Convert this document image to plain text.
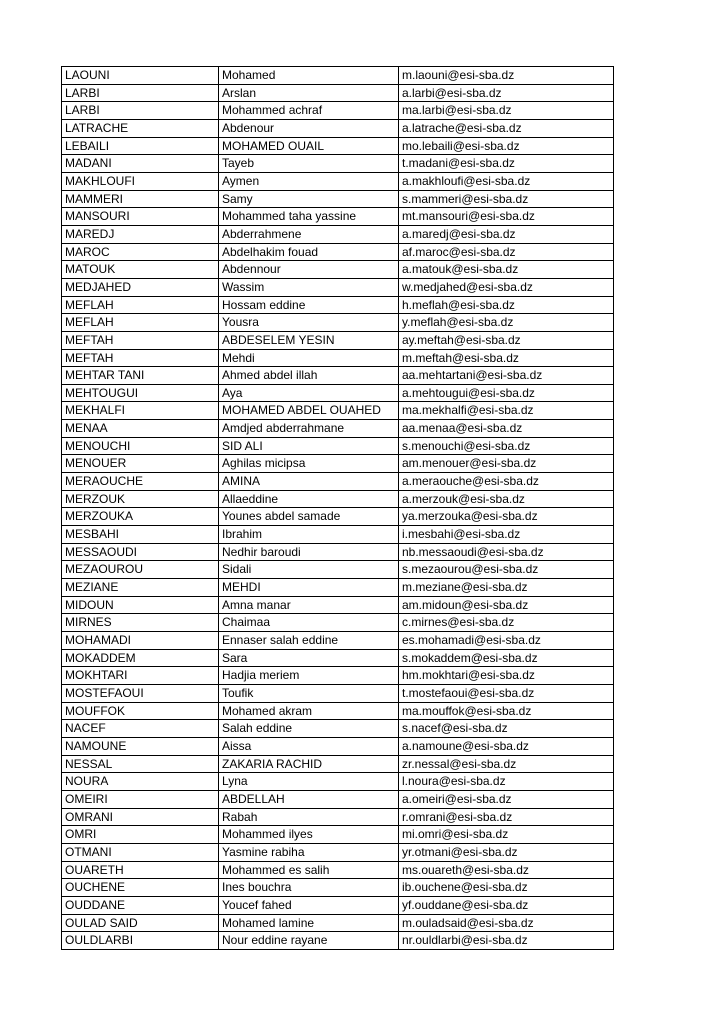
LAOUNI	Mohamed	m.laouni@esi-sba.dz
LARBI	Arslan	a.larbi@esi-sba.dz
LARBI	Mohammed achraf	ma.larbi@esi-sba.dz
LATRACHE	Abdenour	a.latrache@esi-sba.dz
LEBAILI	MOHAMED OUAIL	mo.lebaili@esi-sba.dz
MADANI	Tayeb	t.madani@esi-sba.dz
MAKHLOUFI	Aymen	a.makhloufi@esi-sba.dz
MAMMERI	Samy	s.mammeri@esi-sba.dz
MANSOURI	Mohammed taha yassine	mt.mansouri@esi-sba.dz
MAREDJ	Abderrahmene	a.maredj@esi-sba.dz
MAROC	Abdelhakim fouad	af.maroc@esi-sba.dz
MATOUK	Abdennour	a.matouk@esi-sba.dz
MEDJAHED	Wassim	w.medjahed@esi-sba.dz
MEFLAH	Hossam eddine	h.meflah@esi-sba.dz
MEFLAH	Yousra	y.meflah@esi-sba.dz
MEFTAH	ABDESELEM YESIN	ay.meftah@esi-sba.dz
MEFTAH	Mehdi	m.meftah@esi-sba.dz
MEHTAR TANI	Ahmed abdel illah	aa.mehtartani@esi-sba.dz
MEHTOUGUI	Aya	a.mehtougui@esi-sba.dz
MEKHALFI	MOHAMED ABDEL OUAHED	ma.mekhalfi@esi-sba.dz
MENAA	Amdjed abderrahmane	aa.menaa@esi-sba.dz
MENOUCHI	SID ALI	s.menouchi@esi-sba.dz
MENOUER	Aghilas micipsa	am.menouer@esi-sba.dz
MERAOUCHE	AMINA	a.meraouche@esi-sba.dz
MERZOUK	Allaeddine	a.merzouk@esi-sba.dz
MERZOUKA	Younes abdel samade	ya.merzouka@esi-sba.dz
MESBAHI	Ibrahim	i.mesbahi@esi-sba.dz
MESSAOUDI	Nedhir baroudi	nb.messaoudi@esi-sba.dz
MEZAOUROU	Sidali	s.mezaourou@esi-sba.dz
MEZIANE	MEHDI	m.meziane@esi-sba.dz
MIDOUN	Amna manar	am.midoun@esi-sba.dz
MIRNES	Chaimaa	c.mirnes@esi-sba.dz
MOHAMADI	Ennaser salah eddine	es.mohamadi@esi-sba.dz
MOKADDEM	Sara	s.mokaddem@esi-sba.dz
MOKHTARI	Hadjia meriem	hm.mokhtari@esi-sba.dz
MOSTEFAOUI	Toufik	t.mostefaoui@esi-sba.dz
MOUFFOK	Mohamed akram	ma.mouffok@esi-sba.dz
NACEF	Salah eddine	s.nacef@esi-sba.dz
NAMOUNE	Aissa	a.namoune@esi-sba.dz
NESSAL	ZAKARIA RACHID	zr.nessal@esi-sba.dz
NOURA	Lyna	l.noura@esi-sba.dz
OMEIRI	ABDELLAH	a.omeiri@esi-sba.dz
OMRANI	Rabah	r.omrani@esi-sba.dz
OMRI	Mohammed ilyes	mi.omri@esi-sba.dz
OTMANI	Yasmine rabiha	yr.otmani@esi-sba.dz
OUARETH	Mohammed es salih	ms.ouareth@esi-sba.dz
OUCHENE	Ines bouchra	ib.ouchene@esi-sba.dz
OUDDANE	Youcef fahed	yf.ouddane@esi-sba.dz
OULAD SAID	Mohamed lamine	m.ouladsaid@esi-sba.dz
OULDLARBI	Nour eddine rayane	nr.ouldlarbi@esi-sba.dz
